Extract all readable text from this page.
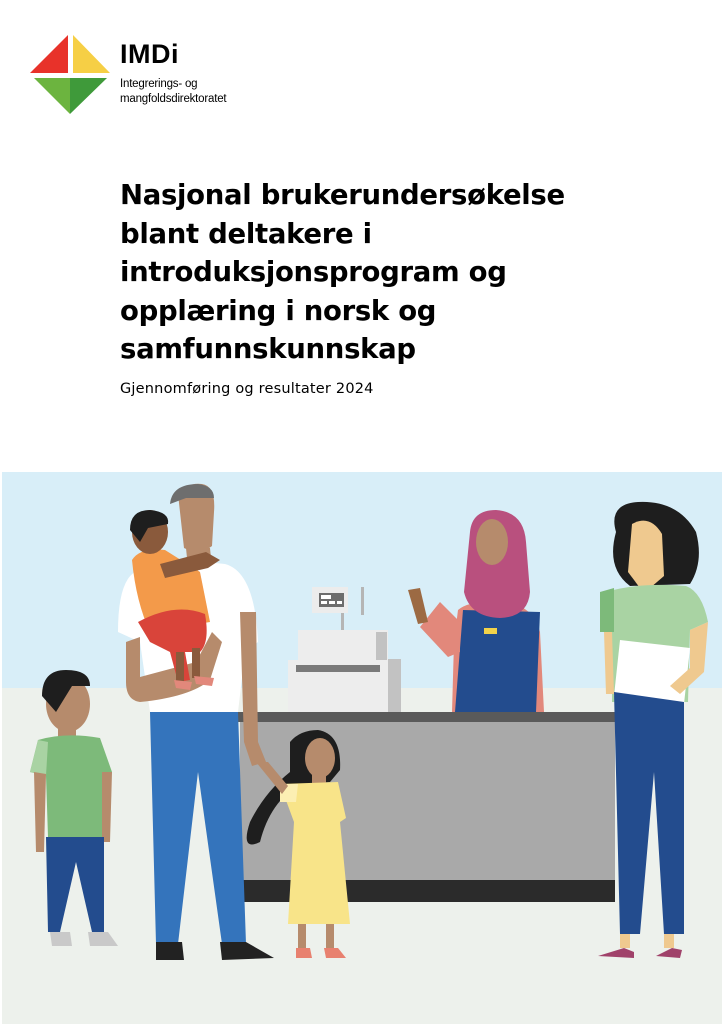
IMDi
Integrerings- og
mangfoldsdirektoratet
Nasjonal brukerundersøkelse
blant deltakere i
introduksjonsprogram og
opplæring i norsk og
samfunnskunnskap
Gjennomføring og resultater 2024
